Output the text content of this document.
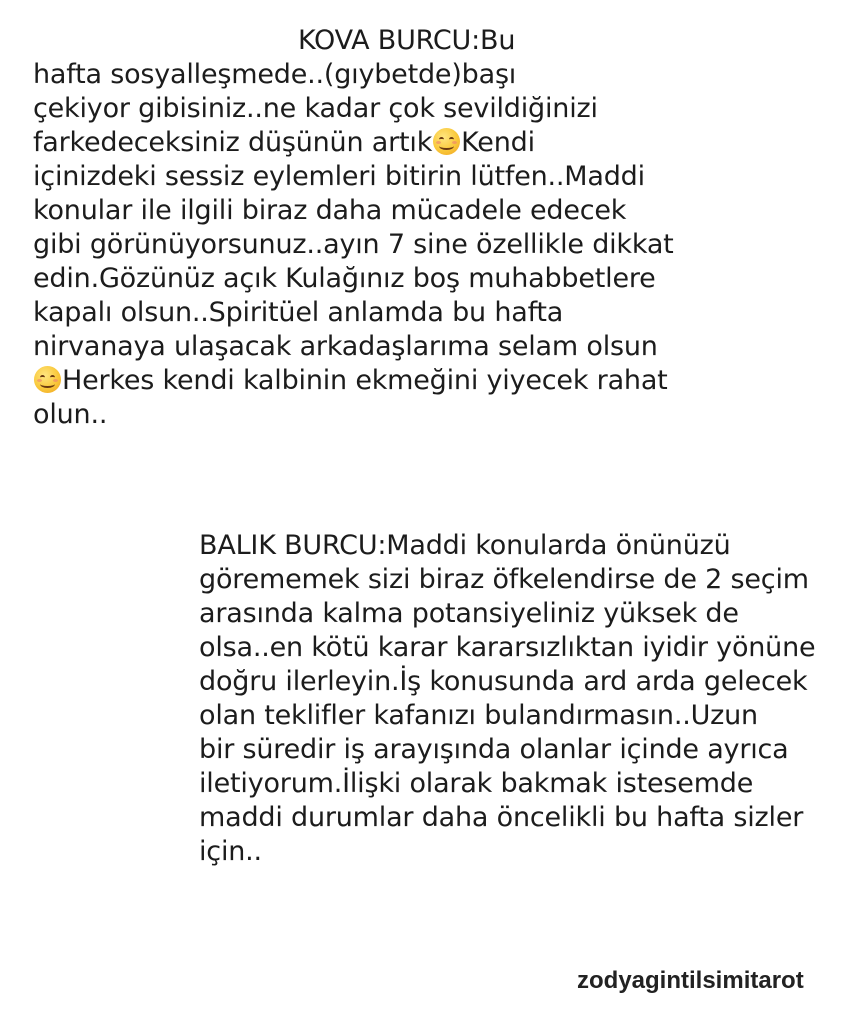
KOVA BURCU:Bu
hafta sosyalleşmede..(gıybetde)başı
çekiyor gibisiniz..ne kadar çok sevildiğinizi
farkedeceksiniz düşünün artık Kendi
içinizdeki sessiz eylemleri bitirin lütfen..Maddi
konular ile ilgili biraz daha mücadele edecek
gibi görünüyorsunuz..ayın 7 sine özellikle dikkat
edin.Gözünüz açık Kulağınız boş muhabbetlere
kapalı olsun..Spiritüel anlamda bu hafta
nirvanaya ulaşacak arkadaşlarıma selam olsun
Herkes kendi kalbinin ekmeğini yiyecek rahat
olun..
BALIK BURCU:Maddi konularda önünüzü
görememek sizi biraz öfkelendirse de 2 seçim
arasında kalma potansiyeliniz yüksek de
olsa..en kötü karar kararsızlıktan iyidir yönüne
doğru ilerleyin.İş konusunda ard arda gelecek
olan teklifler kafanızı bulandırmasın..Uzun
bir süredir iş arayışında olanlar içinde ayrıca
iletiyorum.İlişki olarak bakmak istesemde
maddi durumlar daha öncelikli bu hafta sizler
için..
zodyagintilsimitarot
